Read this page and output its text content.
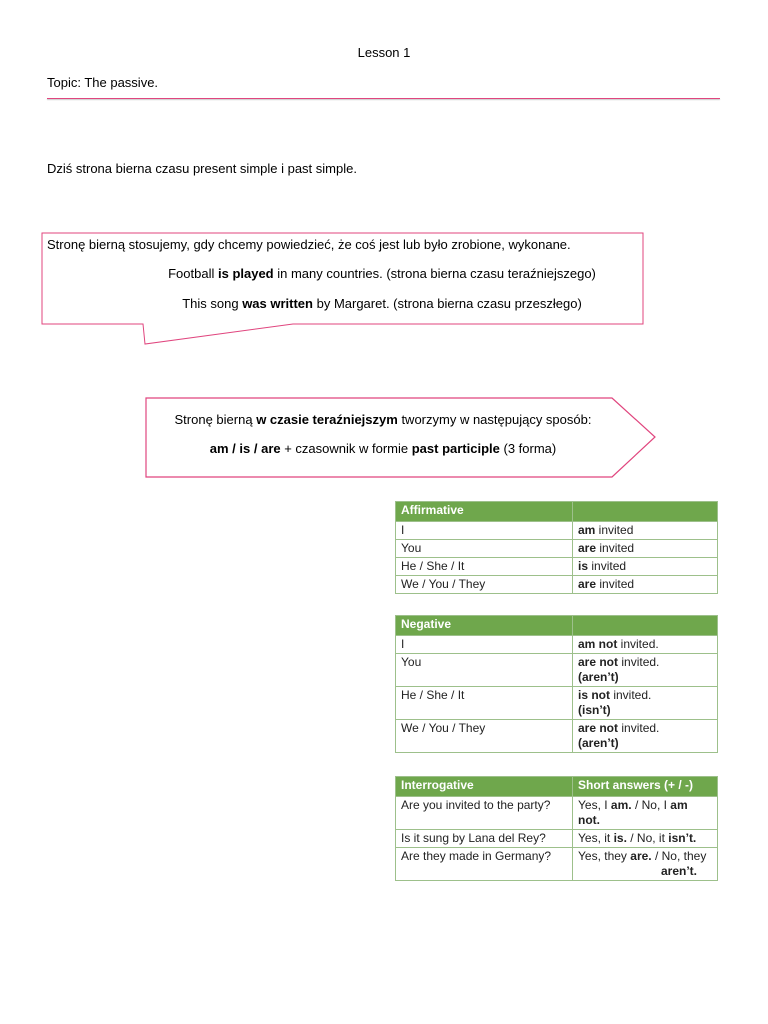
Lesson 1
Topic: The passive.
Dziś strona bierna czasu present simple i past simple.
Stronę bierną stosujemy, gdy chcemy powiedzieć, że coś jest lub było zrobione, wykonane.
Football is played in many countries. (strona bierna czasu teraźniejszego)
This song was written by Margaret. (strona bierna czasu przeszłego)
Stronę bierną w czasie teraźniejszym tworzymy w następujący sposób:
am / is / are + czasownik w formie past participle (3 forma)
Affirmative	
I	am invited
You	are invited
He / She / It	is invited
We / You / They	are invited
Negative	
I	am not invited.
You	are not invited.
(aren’t)
He / She / It	is not invited.
(isn’t)
We / You / They	are not invited.
(aren’t)
Interrogative	Short answers (+ / -)
Are you invited to the party?	Yes, I am. / No, I am not.
Is it sung by Lana del Rey?	Yes, it is. / No, it isn’t.
Are they made in Germany?	Yes, they are. / No, they

aren’t.
